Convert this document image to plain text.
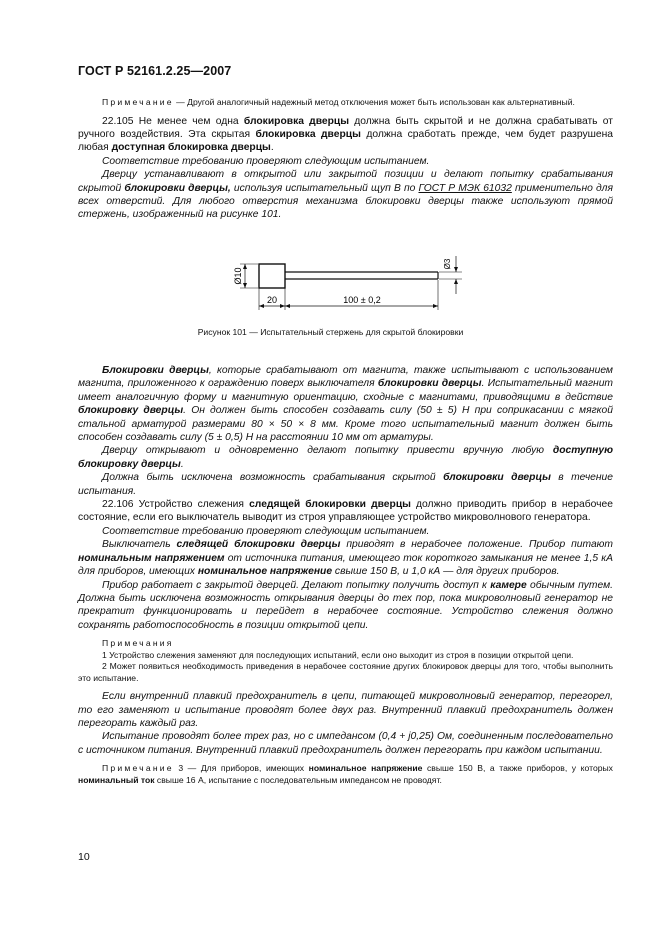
ГОСТ Р 52161.2.25—2007

Примечание — Другой аналогичный надежный метод отключения может быть использован как альтернативный.

22.105 Не менее чем одна блокировка дверцы должна быть скрытой и не должна срабатывать от ручного воздействия. Эта скрытая блокировка дверцы должна сработать прежде, чем будет разрушена любая доступная блокировка дверцы.

Соответствие требованию проверяют следующим испытанием.

Дверцу устанавливают в открытой или закрытой позиции и делают попытку срабатывания скрытой блокировки дверцы, используя испытательный щуп В по ГОСТ Р МЭК 61032 применительно для всех отверстий. Для любого отверстия механизма блокировки дверцы также используют прямой стержень, изображенный на рисунке 101.

Ø10
20	100 ± 0,2
Ø3
Рисунок 101 — Испытательный стержень для скрытой блокировки

Блокировки дверцы, которые срабатывают от магнита, также испытывают с использованием магнита, приложенного к ограждению поверх выключателя блокировки дверцы. Испытательный магнит имеет аналогичную форму и магнитную ориентацию, сходные с магнитами, приводящими в действие блокировку дверцы. Он должен быть способен создавать силу (50 ± 5) Н при соприкасании с мягкой стальной арматурой размерами 80 × 50 × 8 мм. Кроме того испытательный магнит должен быть способен создавать силу (5 ± 0,5) Н на расстоянии 10 мм от арматуры.

Дверцу открывают и одновременно делают попытку привести вручную любую доступную блокировку дверцы.

Должна быть исключена возможность срабатывания скрытой блокировки дверцы в течение испытания.

22.106 Устройство слежения следящей блокировки дверцы должно приводить прибор в нерабочее состояние, если его выключатель выводит из строя управляющее устройство микроволнового генератора.

Соответствие требованию проверяют следующим испытанием.

Выключатель следящей блокировки дверцы приводят в нерабочее положение. Прибор питают номинальным напряжением от источника питания, имеющего ток короткого замыкания не менее 1,5 кА для приборов, имеющих номинальное напряжение свыше 150 В, и 1,0 кА — для других приборов.

Прибор работает с закрытой дверцей. Делают попытку получить доступ к камере обычным путем. Должна быть исключена возможность открывания дверцы до тех пор, пока микроволновый генератор не прекратит функционировать и перейдет в нерабочее состояние. Устройство слежения должно сохранять работоспособность в позиции открытой цепи.

Примечания

1 Устройство слежения заменяют для последующих испытаний, если оно выходит из строя в позиции открытой цепи.

2 Может появиться необходимость приведения в нерабочее состояние других блокировок дверцы для того, чтобы выполнить это испытание.

Если внутренний плавкий предохранитель в цепи, питающей микроволновый генератор, перегорел, то его заменяют и испытание проводят более двух раз. Внутренний плавкий предохранитель должен перегорать каждый раз.

Испытание проводят более трех раз, но с импедансом (0,4 + j0,25) Ом, соединенным последовательно с источником питания. Внутренний плавкий предохранитель должен перегорать при каждом испытании.

Примечание 3 — Для приборов, имеющих номинальное напряжение свыше 150 В, а также приборов, у которых номинальный ток свыше 16 А, испытание с последовательным импедансом не проводят.

10
